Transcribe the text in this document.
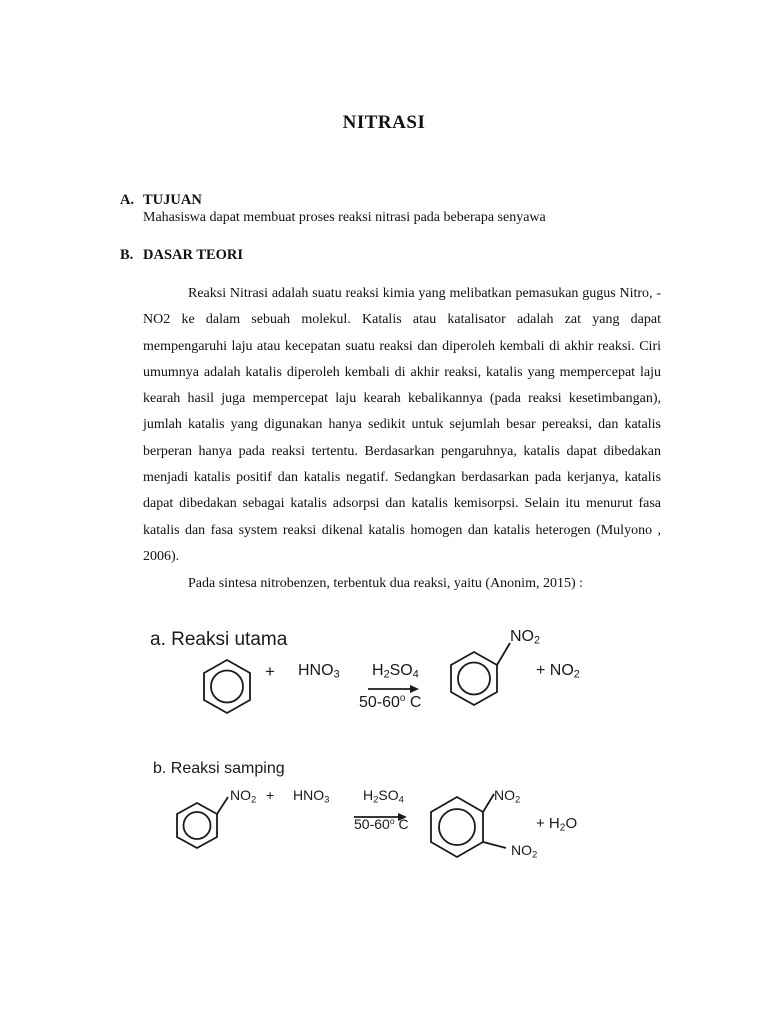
NITRASI
A. TUJUAN
Mahasiswa dapat membuat proses reaksi nitrasi pada beberapa senyawa
B. DASAR TEORI
Reaksi Nitrasi adalah suatu reaksi kimia yang melibatkan pemasukan gugus Nitro, -NO2 ke dalam sebuah molekul. Katalis atau katalisator adalah zat yang dapat mempengaruhi laju atau kecepatan suatu reaksi dan diperoleh kembali di akhir reaksi. Ciri umumnya adalah katalis diperoleh kembali di akhir reaksi, katalis yang mempercepat laju kearah hasil juga mempercepat laju kearah kebalikannya (pada reaksi kesetimbangan), jumlah katalis yang digunakan hanya sedikit untuk sejumlah besar pereaksi, dan katalis berperan hanya pada reaksi tertentu. Berdasarkan pengaruhnya, katalis dapat dibedakan menjadi katalis positif dan katalis negatif. Sedangkan berdasarkan pada kerjanya, katalis dapat dibedakan sebagai katalis adsorpsi dan katalis kemisorpsi. Selain itu menurut fasa katalis dan fasa system reaksi dikenal katalis homogen dan katalis heterogen (Mulyono , 2006).
Pada sintesa nitrobenzen, terbentuk dua reaksi, yaitu (Anonim, 2015) :
a. Reaksi utama
+ $HNO_3$ $H_2SO_4$
50-60$^o$ C
$NO_2$
+ $NO_2$
b. Reaksi samping
$NO_2 + HNO_3$ $H_2SO_4$
50-60$^o$ C
$NO_2$
$NO_2$
+ $H_2O$
